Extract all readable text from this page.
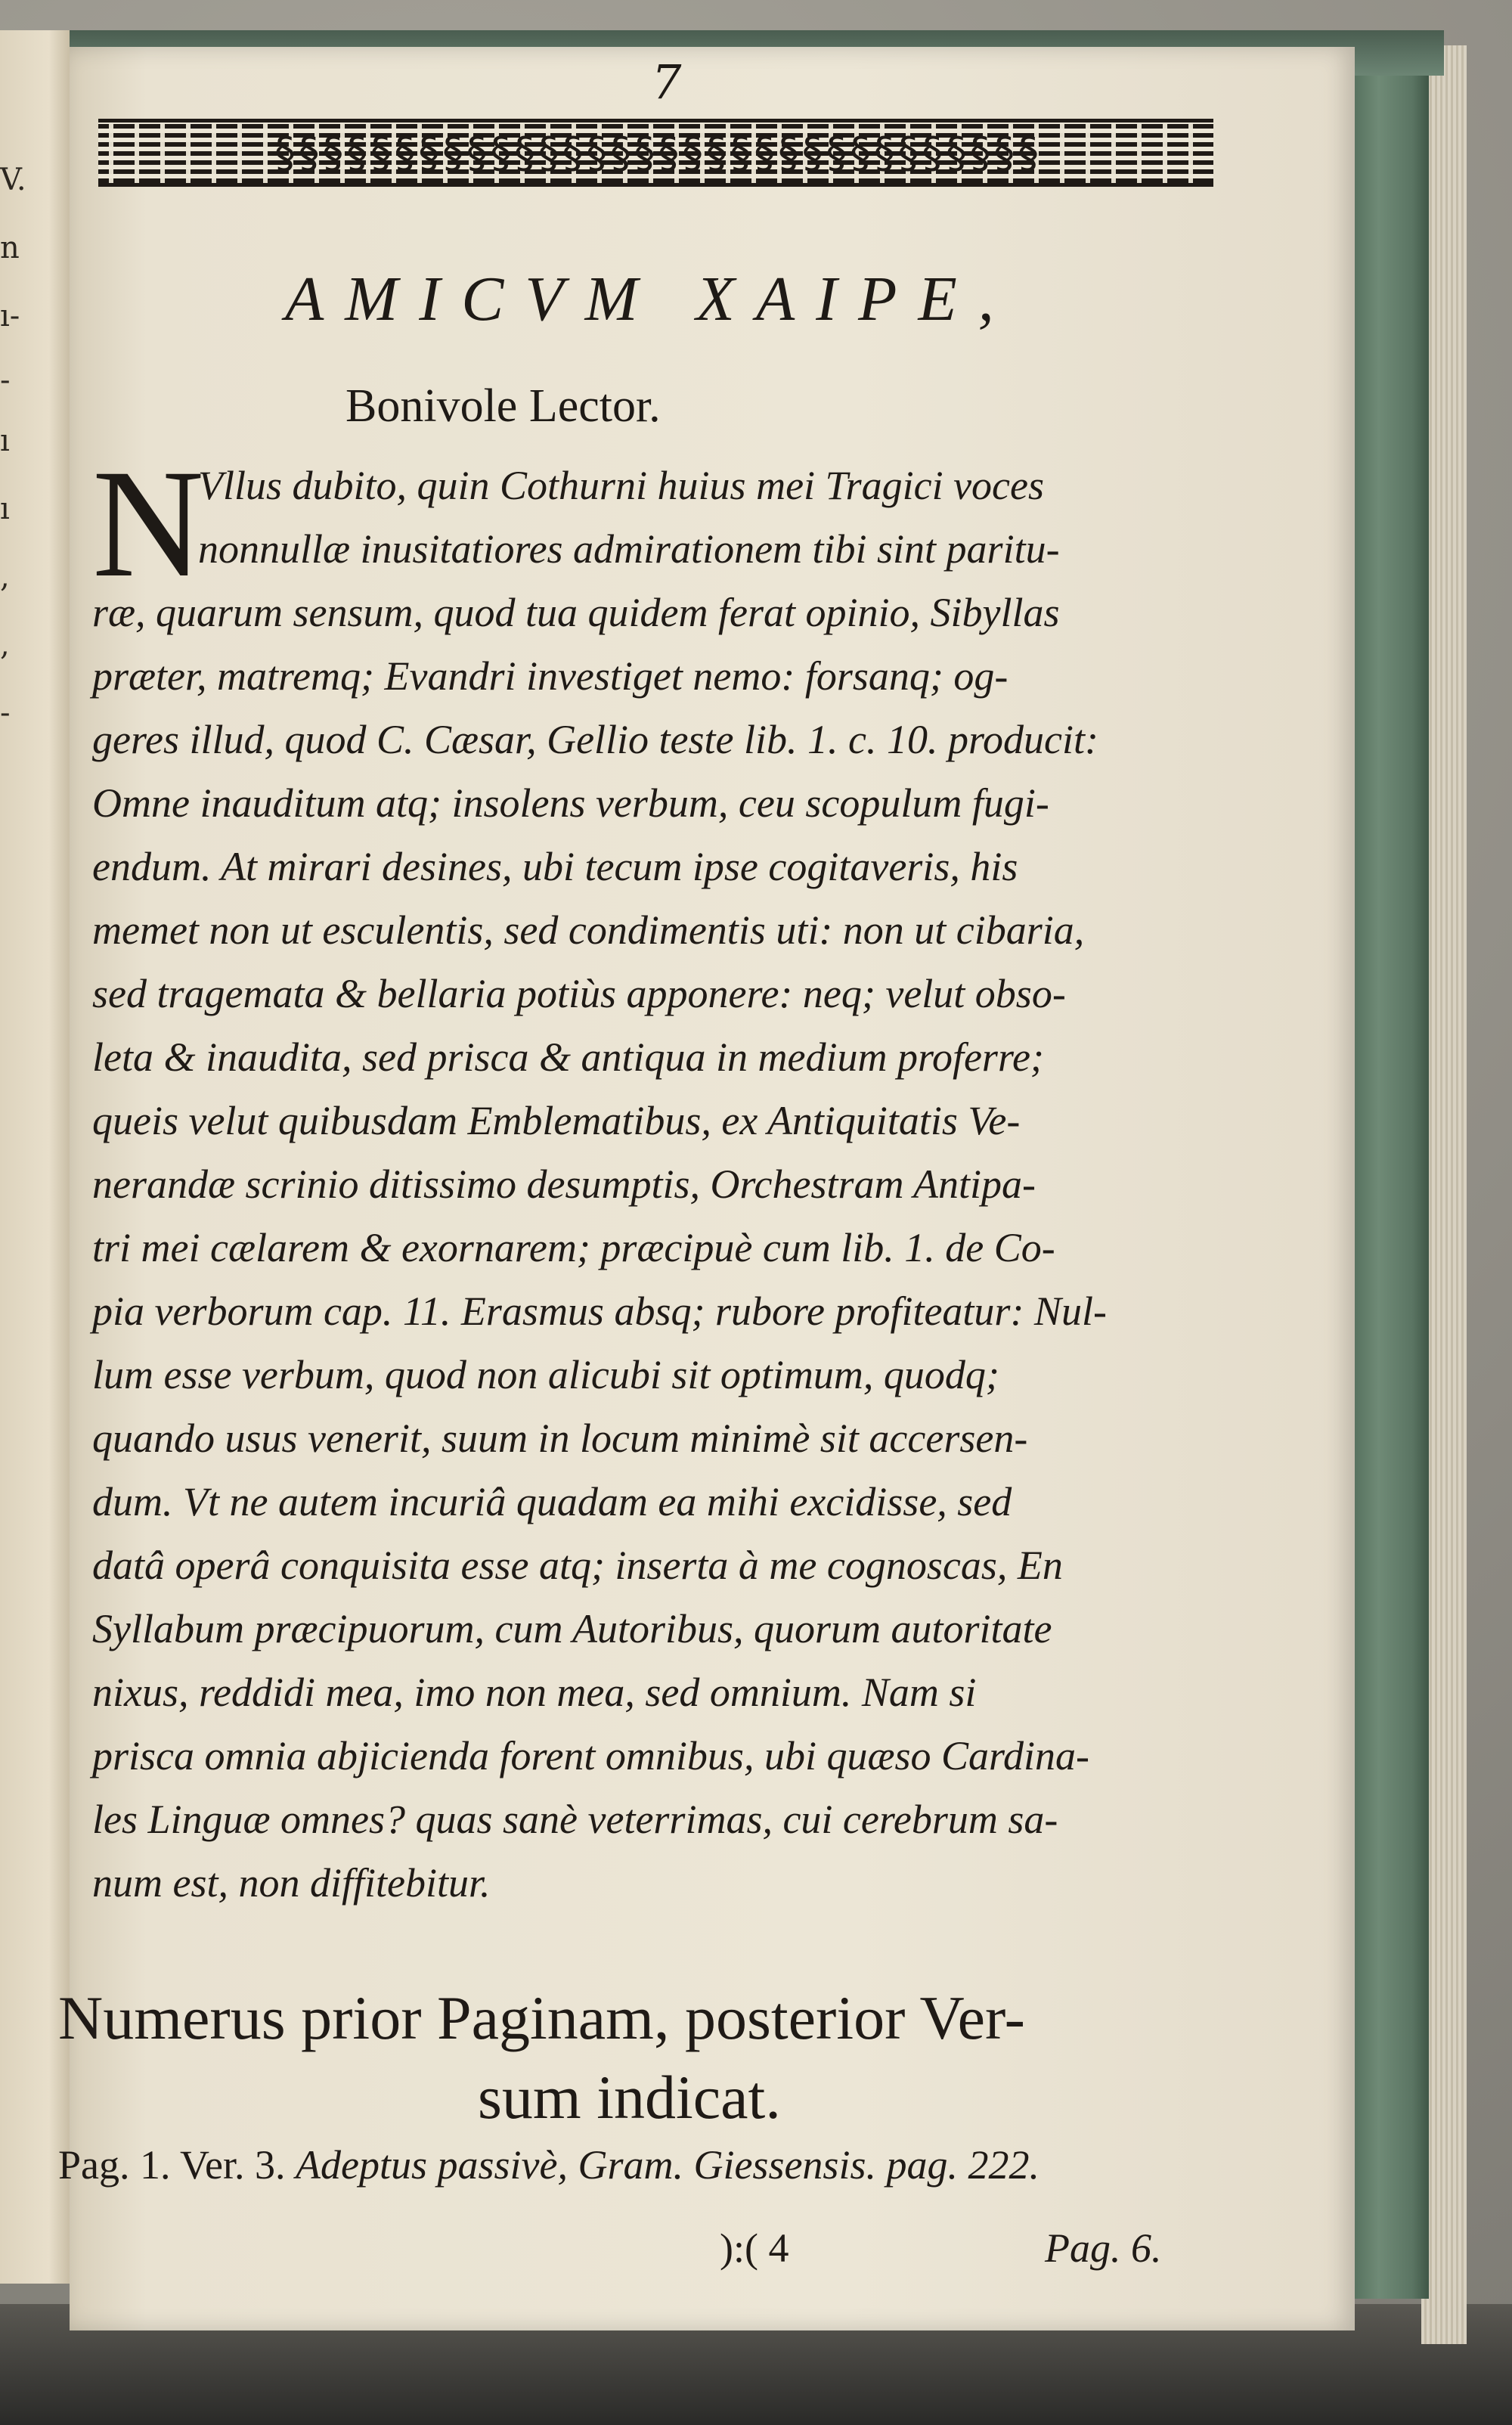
V.
n
ı-
-
ı
ı
,
,
-
7
§§§§§§§§§§§§§§§§§§§§§§§§§§§§§§§§
AMICVM XAIPE,
Bonivole Lector.
N
Vllus dubito, quin Cothurni huius mei Tragici voces
nonnullæ inusitatiores admirationem tibi sint paritu-
ræ, quarum sensum, quod tua quidem ferat opinio, Sibyllas
præter, matremq; Evandri investiget nemo: forsanq; og-
geres illud, quod C. Cæsar, Gellio teste lib. 1. c. 10. producit:
Omne inauditum atq; insolens verbum, ceu scopulum fugi-
endum. At mirari desines, ubi tecum ipse cogitaveris, his
memet non ut esculentis, sed condimentis uti: non ut cibaria,
sed tragemata & bellaria potiùs apponere: neq; velut obso-
leta & inaudita, sed prisca & antiqua in medium proferre;
queis velut quibusdam Emblematibus, ex Antiquitatis Ve-
nerandæ scrinio ditissimo desumptis, Orchestram Antipa-
tri mei cælarem & exornarem; præcipuè cum lib. 1. de Co-
pia verborum cap. 11. Erasmus absq; rubore profiteatur: Nul-
lum esse verbum, quod non alicubi sit optimum, quodq;
quando usus venerit, suum in locum minimè sit accersen-
dum. Vt ne autem incuriâ quadam ea mihi excidisse, sed
datâ operâ conquisita esse atq; inserta à me cognoscas, En
Syllabum præcipuorum, cum Autoribus, quorum autoritate
nixus, reddidi mea, imo non mea, sed omnium. Nam si
prisca omnia abjicienda forent omnibus, ubi quæso Cardina-
les Linguæ omnes? quas sanè veterrimas, cui cerebrum sa-
num est, non diffitebitur.
Numerus prior Paginam, posterior Ver-
sum indicat.
Pag. 1. Ver. 3. Adeptus passivè, Gram. Giessensis. pag. 222.
):( 4	Pag. 6.
